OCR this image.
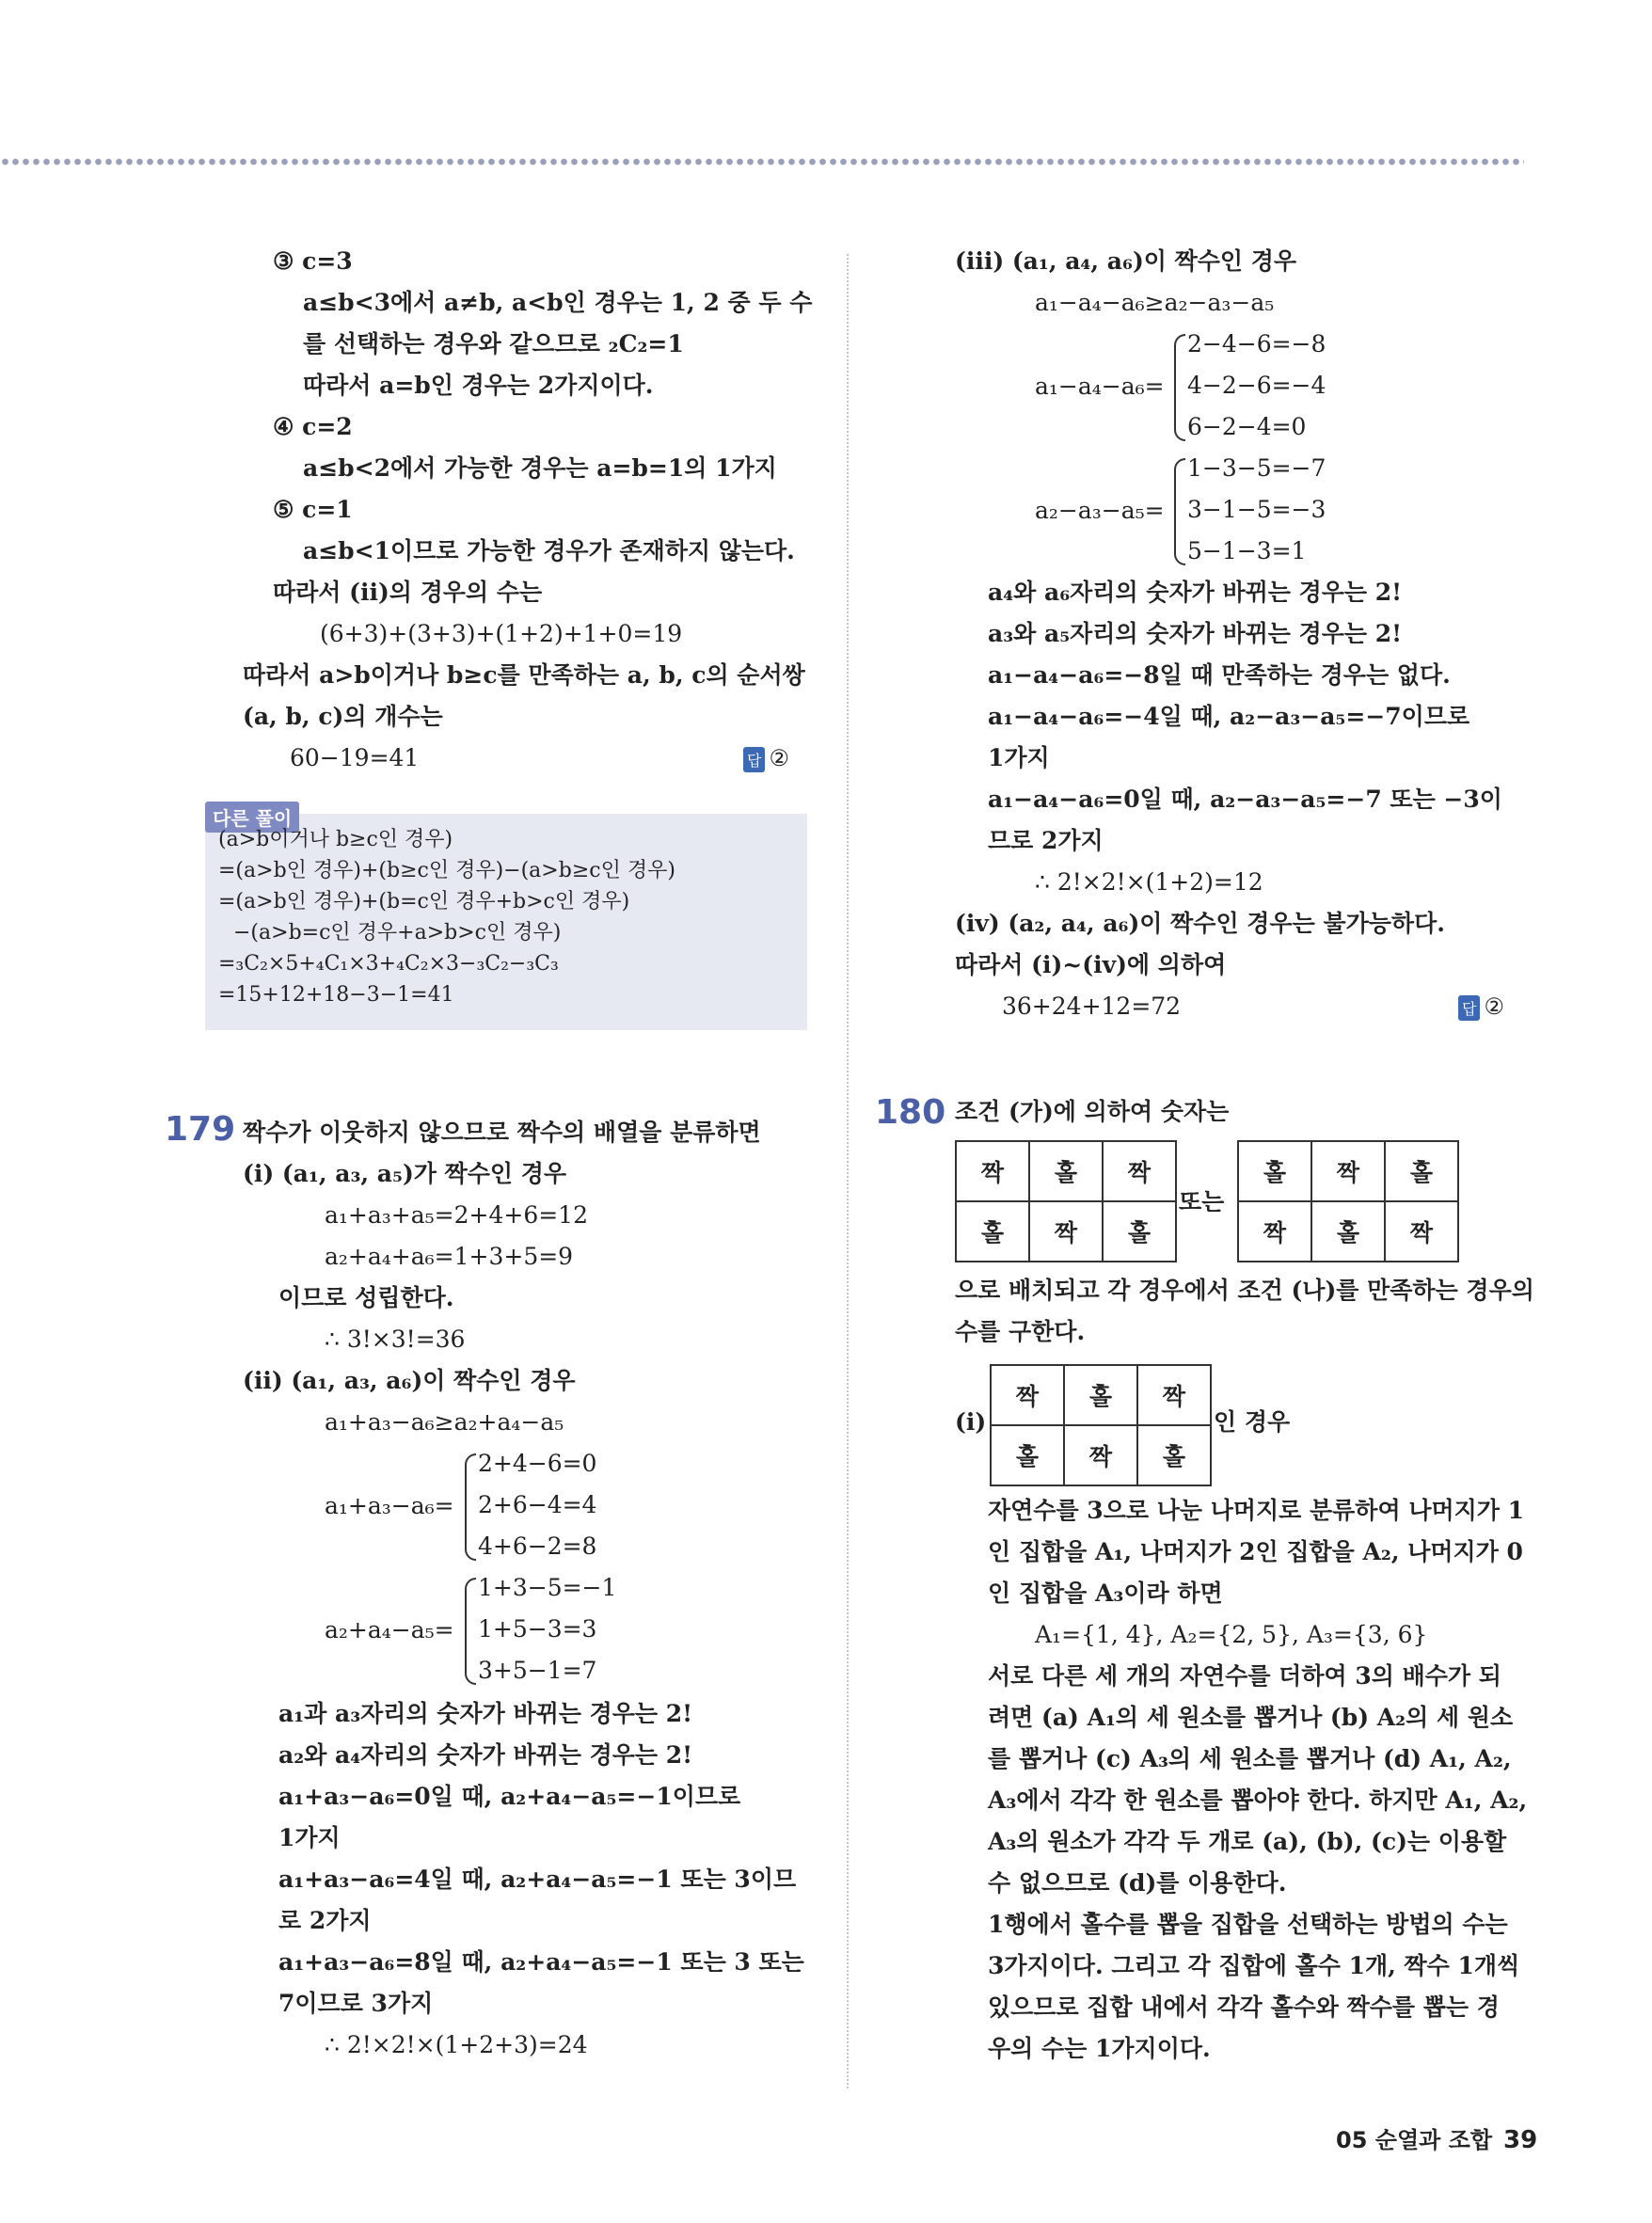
③ c=3
a≤b<3에서 a≠b, a<b인 경우는 1, 2 중 두 수
를 선택하는 경우와 같으므로 ₂C₂=1
따라서 a=b인 경우는 2가지이다.
④ c=2
a≤b<2에서 가능한 경우는 a=b=1의 1가지
⑤ c=1
a≤b<1이므로 가능한 경우가 존재하지 않는다.
따라서 (ii)의 경우의 수는
(6+3)+(3+3)+(1+2)+1+0=19
따라서 a>b이거나 b≥c를 만족하는 a, b, c의 순서쌍
(a, b, c)의 개수는
60−19=41	답 ②
다른 풀이
(a>b이거나 b≥c인 경우)
=(a>b인 경우)+(b≥c인 경우)−(a>b≥c인 경우)
=(a>b인 경우)+(b=c인 경우+b>c인 경우)
−(a>b=c인 경우+a>b>c인 경우)
=₃C₂×5+₄C₁×3+₄C₂×3−₃C₂−₃C₃
=15+12+18−3−1=41
179 짝수가 이웃하지 않으므로 짝수의 배열을 분류하면
(i) (a₁, a₃, a₅)가 짝수인 경우
a₁+a₃+a₅=2+4+6=12
a₂+a₄+a₆=1+3+5=9
이므로 성립한다.
∴ 3!×3!=36
(ii) (a₁, a₃, a₆)이 짝수인 경우
a₁+a₃−a₆≥a₂+a₄−a₅
a₁+a₃−a₆=
2+4−6=0
2+6−4=4
4+6−2=8
a₂+a₄−a₅=
1+3−5=−1
1+5−3=3
3+5−1=7
a₁과 a₃자리의 숫자가 바뀌는 경우는 2!
a₂와 a₄자리의 숫자가 바뀌는 경우는 2!
a₁+a₃−a₆=0일 때, a₂+a₄−a₅=−1이므로
1가지
a₁+a₃−a₆=4일 때, a₂+a₄−a₅=−1 또는 3이므
로 2가지
a₁+a₃−a₆=8일 때, a₂+a₄−a₅=−1 또는 3 또는
7이므로 3가지
∴ 2!×2!×(1+2+3)=24
(iii) (a₁, a₄, a₆)이 짝수인 경우
a₁−a₄−a₆≥a₂−a₃−a₅
a₁−a₄−a₆=
2−4−6=−8
4−2−6=−4
6−2−4=0
a₂−a₃−a₅=
1−3−5=−7
3−1−5=−3
5−1−3=1
a₄와 a₆자리의 숫자가 바뀌는 경우는 2!
a₃와 a₅자리의 숫자가 바뀌는 경우는 2!
a₁−a₄−a₆=−8일 때 만족하는 경우는 없다.
a₁−a₄−a₆=−4일 때, a₂−a₃−a₅=−7이므로
1가지
a₁−a₄−a₆=0일 때, a₂−a₃−a₅=−7 또는 −3이
므로 2가지
∴ 2!×2!×(1+2)=12
(iv) (a₂, a₄, a₆)이 짝수인 경우는 불가능하다.
따라서 (i)~(iv)에 의하여
36+24+12=72	답 ②
180 조건 (가)에 의하여 숫자는
짝	홀	짝
홀	짝	홀
또는
홀	짝	홀
짝	홀	짝
으로 배치되고 각 경우에서 조건 (나)를 만족하는 경우의
수를 구한다.
(i)
짝	홀	짝
홀	짝	홀
인 경우
자연수를 3으로 나눈 나머지로 분류하여 나머지가 1
인 집합을 A₁, 나머지가 2인 집합을 A₂, 나머지가 0
인 집합을 A₃이라 하면
A₁={1, 4}, A₂={2, 5}, A₃={3, 6}
서로 다른 세 개의 자연수를 더하여 3의 배수가 되
려면 (a) A₁의 세 원소를 뽑거나 (b) A₂의 세 원소
를 뽑거나 (c) A₃의 세 원소를 뽑거나 (d) A₁, A₂,
A₃에서 각각 한 원소를 뽑아야 한다. 하지만 A₁, A₂,
A₃의 원소가 각각 두 개로 (a), (b), (c)는 이용할
수 없으므로 (d)를 이용한다.
1행에서 홀수를 뽑을 집합을 선택하는 방법의 수는
3가지이다. 그리고 각 집합에 홀수 1개, 짝수 1개씩
있으므로 집합 내에서 각각 홀수와 짝수를 뽑는 경
우의 수는 1가지이다.
05 순열과 조합 39
